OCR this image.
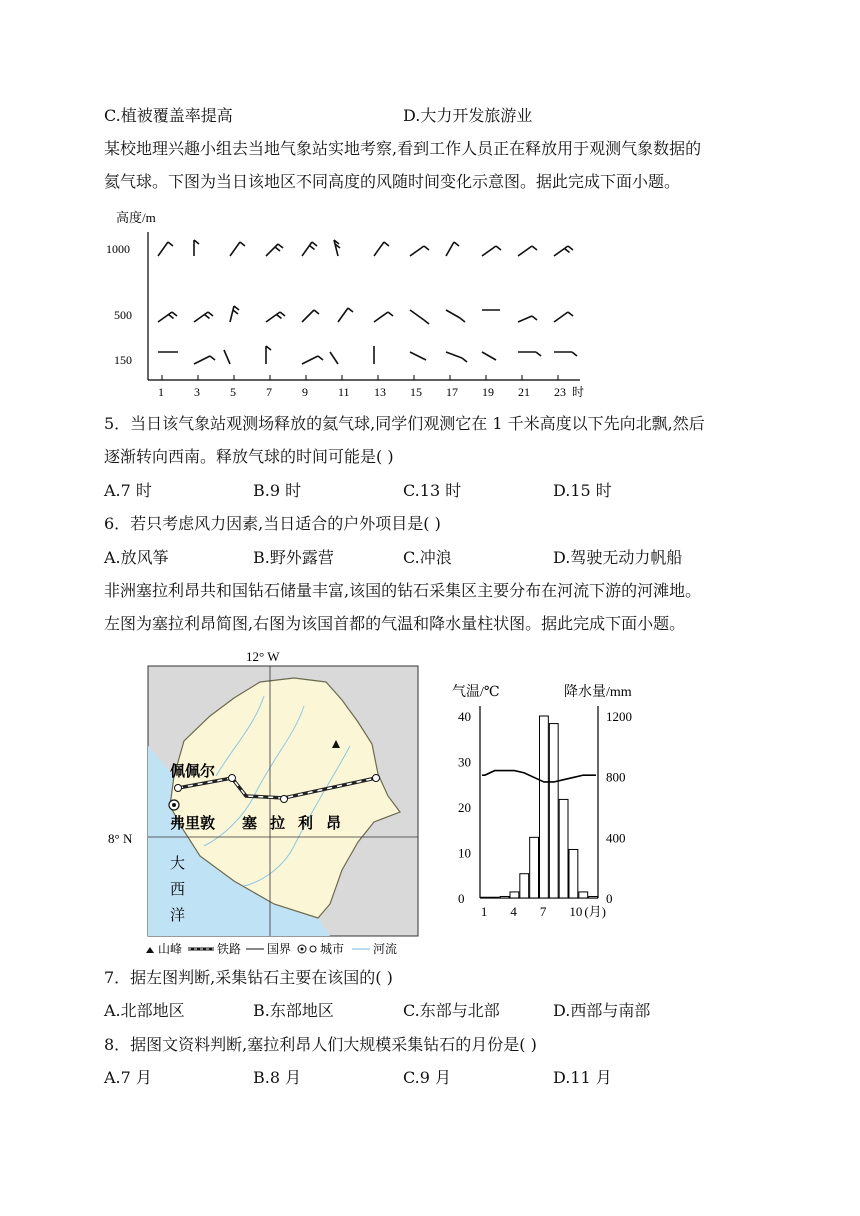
C.植被覆盖率提高	D.大力开发旅游业
某校地理兴趣小组去当地气象站实地考察,看到工作人员正在释放用于观测气象数据的
氦气球。下图为当日该地区不同高度的风随时间变化示意图。据此完成下面小题。
高度/m
1000
500
150
1	3	5	7	9	11 13 15 17 19 21 23 时
5．当日该气象站观测场释放的氦气球,同学们观测它在 1 千米高度以下先向北飘,然后
逐渐转向西南。释放气球的时间可能是( )
A.7 时	B.9 时	C.13 时	D.15 时
6．若只考虑风力因素,当日适合的户外项目是( )
A.放风筝	B.野外露营	C.冲浪	D.驾驶无动力帆船
非洲塞拉利昂共和国钻石储量丰富,该国的钻石采集区主要分布在河流下游的河滩地。
左图为塞拉利昂简图,右图为该国首都的气温和降水量柱状图。据此完成下面小题。
12° W
8° N
佩佩尔
弗里敦 塞 拉 利 昂
大
西
洋
山峰	铁路 国界 城市 河流
气温/℃	降水量/mm
40
30
20
10
0
1200
800
400
0
1 4 7 10 (月)
7．据左图判断,采集钻石主要在该国的( )
A.北部地区	B.东部地区	C.东部与北部	D.西部与南部
8．据图文资料判断,塞拉利昂人们大规模采集钻石的月份是( )
A.7 月	B.8 月	C.9 月	D.11 月
